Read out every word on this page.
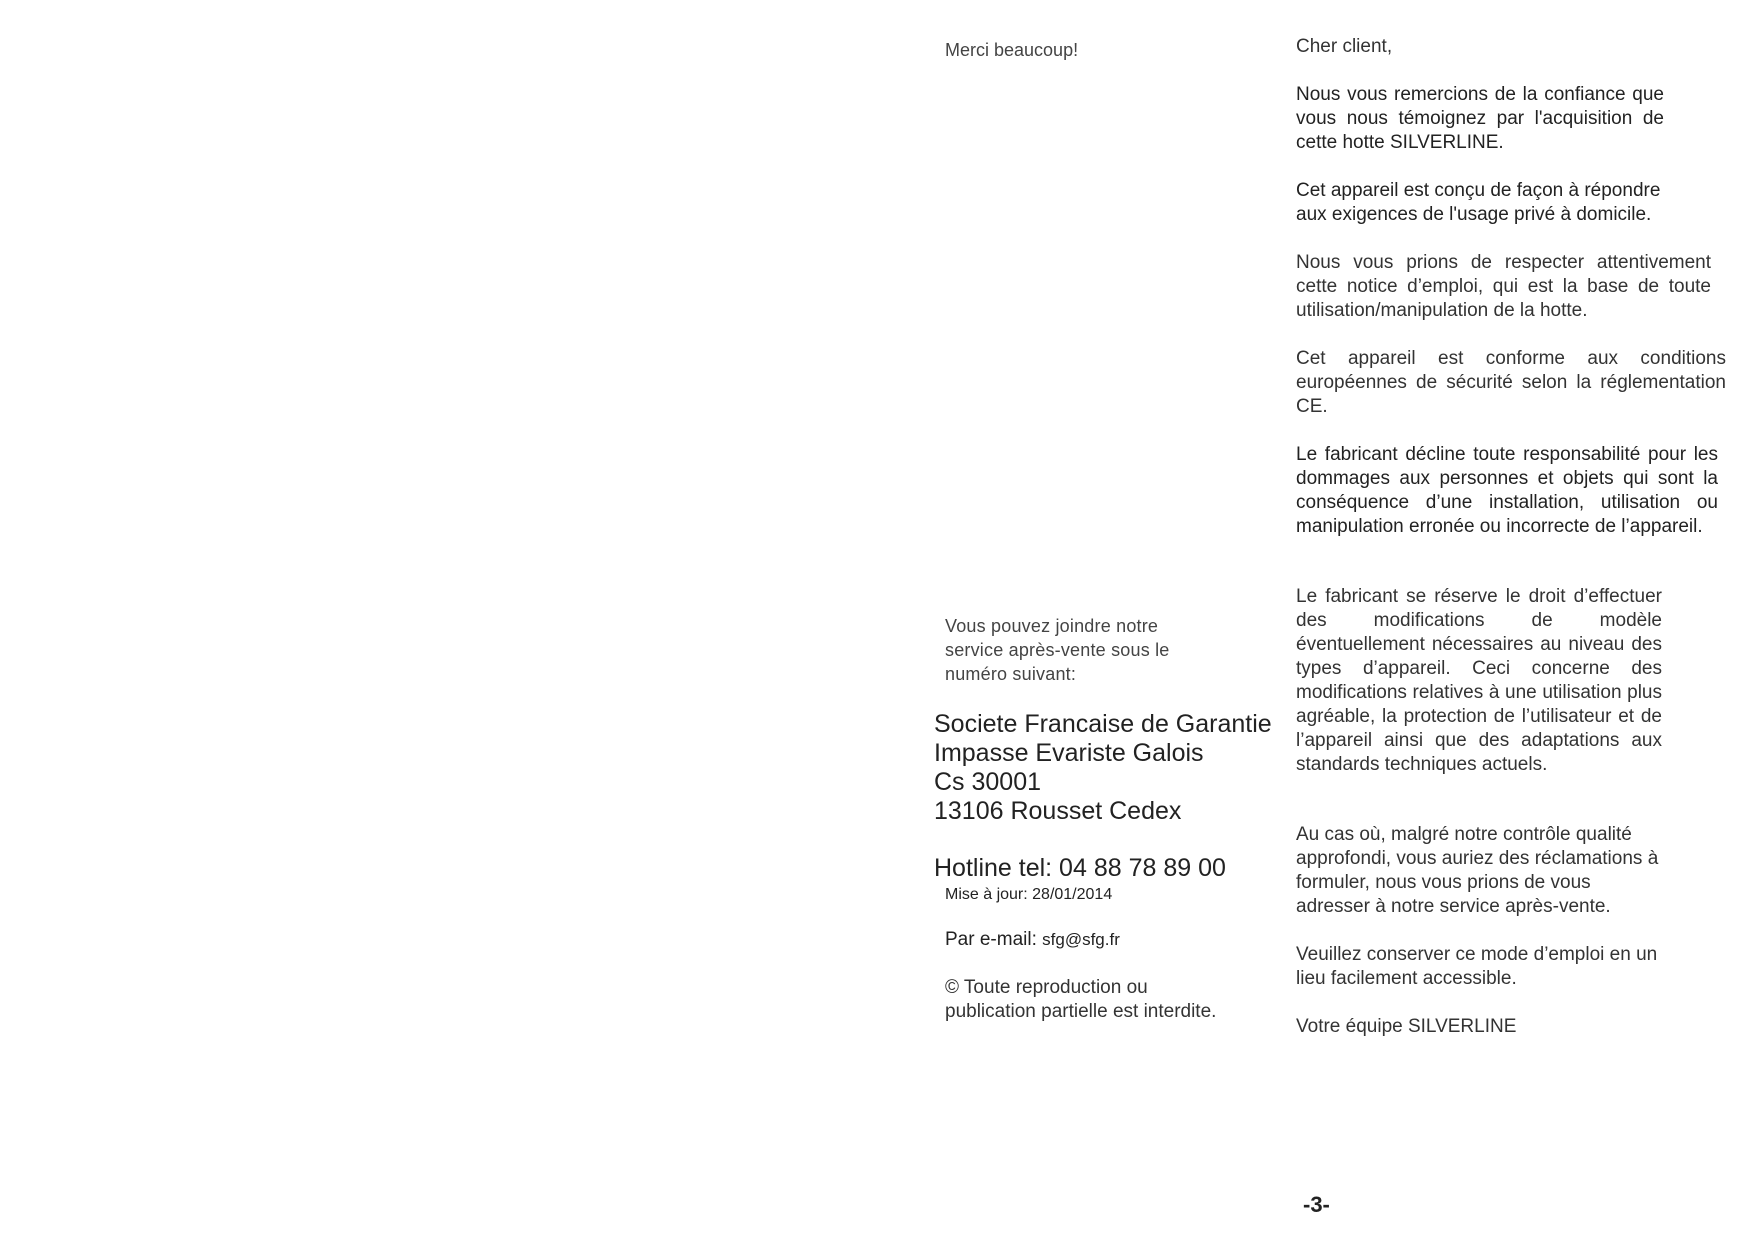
Merci beaucoup!

Vous pouvez joindre notre
service après-vente sous le
numéro suivant:

Societe Francaise de Garantie
Impasse Evariste Galois
Cs 30001
13106 Rousset Cedex

Hotline tel: 04 88 78 89 00

Mise à jour: 28/01/2014

Par e-mail: sfg@sfg.fr

© Toute reproduction ou
publication partielle est interdite.

Cher client,

Nous vous remercions de la confiance que vous nous témoignez par l'acquisition de cette hotte SILVERLINE.

Cet appareil est conçu de façon à répondre aux exigences de l'usage privé à domicile.

Nous vous prions de respecter attentivement cette notice d’emploi, qui est la base de toute utilisation/manipulation de la hotte.

Cet appareil est conforme aux conditions européennes de sécurité selon la réglementation CE.

Le fabricant décline toute responsabilité pour les dommages aux personnes et objets qui sont la conséquence d’une installation, utilisation ou manipulation erronée ou incorrecte de l’appareil.

Le fabricant se réserve le droit d’effectuer des modifications de modèle éventuellement nécessaires au niveau des types d’appareil. Ceci concerne des modifications relatives à une utilisation plus agréable, la protection de l’utilisateur et de l’appareil ainsi que des adaptations aux standards techniques actuels.

Au cas où, malgré notre contrôle qualité approfondi, vous auriez des réclamations à formuler, nous vous prions de vous adresser à notre service après-vente.

Veuillez conserver ce mode d’emploi en un lieu facilement accessible.

Votre équipe SILVERLINE

-3-
